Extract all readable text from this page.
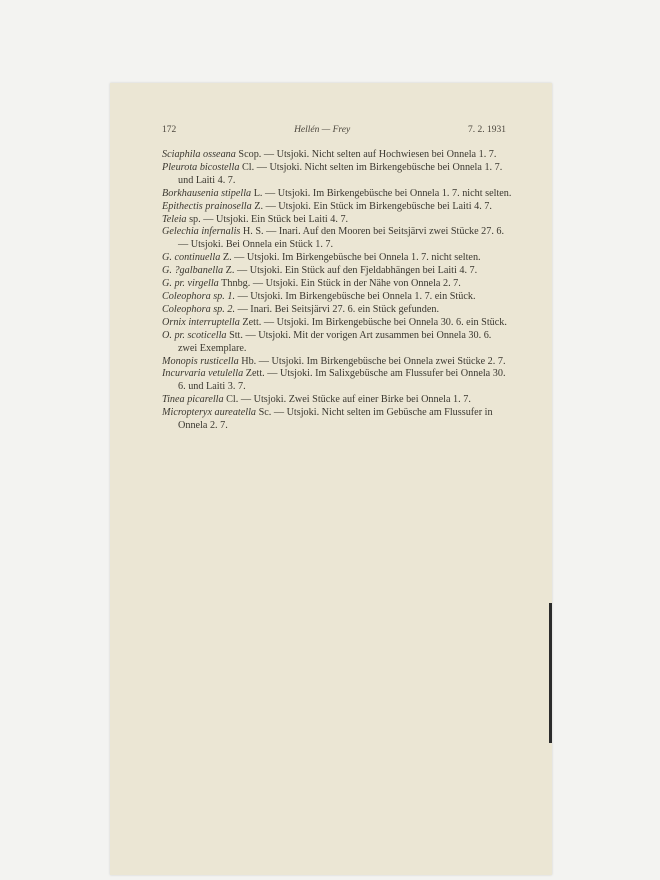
172	Hellén — Frey	7. 2. 1931

Sciaphila osseana Scop. — Utsjoki. Nicht selten auf Hochwiesen bei Onnela 1. 7.

Pleurota bicostella Cl. — Utsjoki. Nicht selten im Birkengebüsche bei Onnela 1. 7. und Laiti 4. 7.

Borkhausenia stipella L. — Utsjoki. Im Birkengebüsche bei Onnela 1. 7. nicht selten.

Epithectis prainosella Z. — Utsjoki. Ein Stück im Birkengebüsche bei Laiti 4. 7.

Teleia sp. — Utsjoki. Ein Stück bei Laiti 4. 7.

Gelechia infernalis H. S. — Inari. Auf den Mooren bei Seitsjärvi zwei Stücke 27. 6. — Utsjoki. Bei Onnela ein Stück 1. 7.

G. continuella Z. — Utsjoki. Im Birkengebüsche bei Onnela 1. 7. nicht selten.

G. ?galbanella Z. — Utsjoki. Ein Stück auf den Fjeldabhängen bei Laiti 4. 7.

G. pr. virgella Thnbg. — Utsjoki. Ein Stück in der Nähe von Onnela 2. 7.

Coleophora sp. 1. — Utsjoki. Im Birkengebüsche bei Onnela 1. 7. ein Stück.

Coleophora sp. 2. — Inari. Bei Seitsjärvi 27. 6. ein Stück gefunden.

Ornix interruptella Zett. — Utsjoki. Im Birkengebüsche bei Onnela 30. 6. ein Stück.

O. pr. scoticella Stt. — Utsjoki. Mit der vorigen Art zusammen bei Onnela 30. 6. zwei Exemplare.

Monopis rusticella Hb. — Utsjoki. Im Birkengebüsche bei Onnela zwei Stücke 2. 7.

Incurvaria vetulella Zett. — Utsjoki. Im Salixgebüsche am Flussufer bei Onnela 30. 6. und Laiti 3. 7.

Tinea picarella Cl. — Utsjoki. Zwei Stücke auf einer Birke bei Onnela 1. 7.

Micropteryx aureatella Sc. — Utsjoki. Nicht selten im Gebüsche am Flussufer in Onnela 2. 7.
